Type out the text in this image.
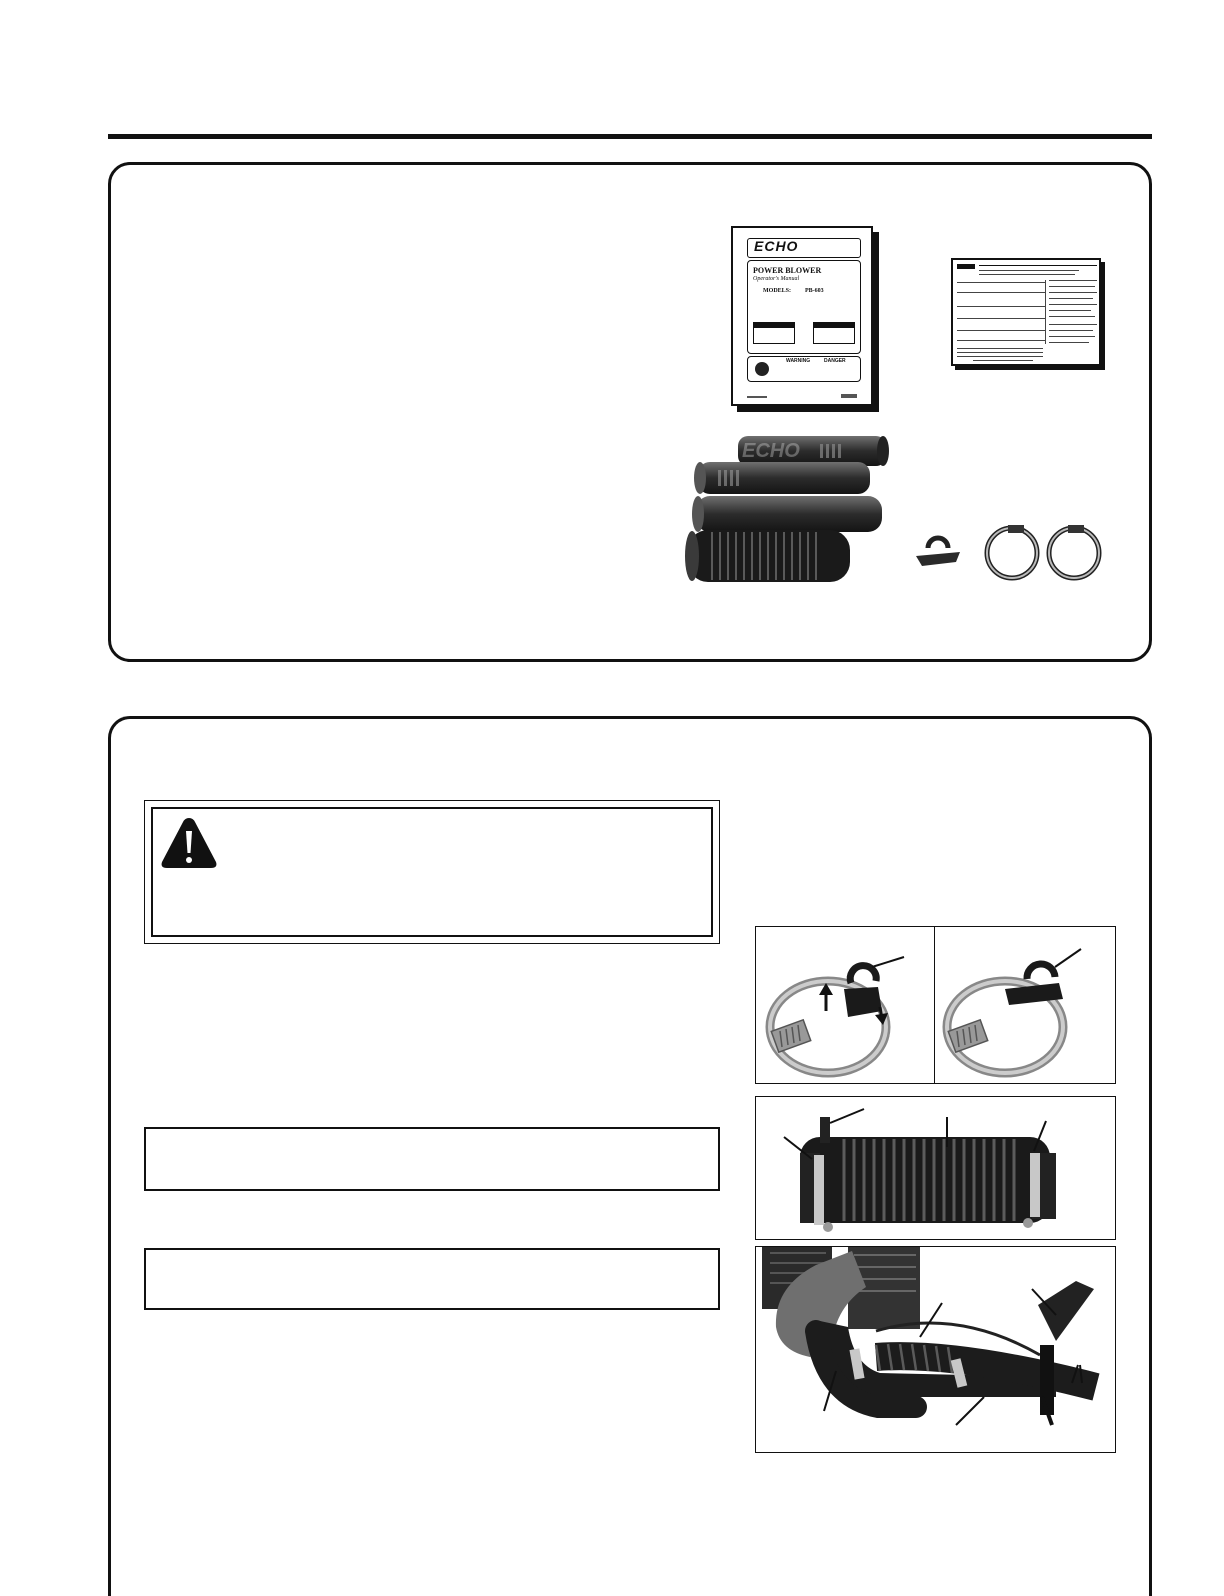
ECHO
POWER BLOWER
Operator's Manual
MODELS: PB-603
WARNING	DANGER
ECHO
